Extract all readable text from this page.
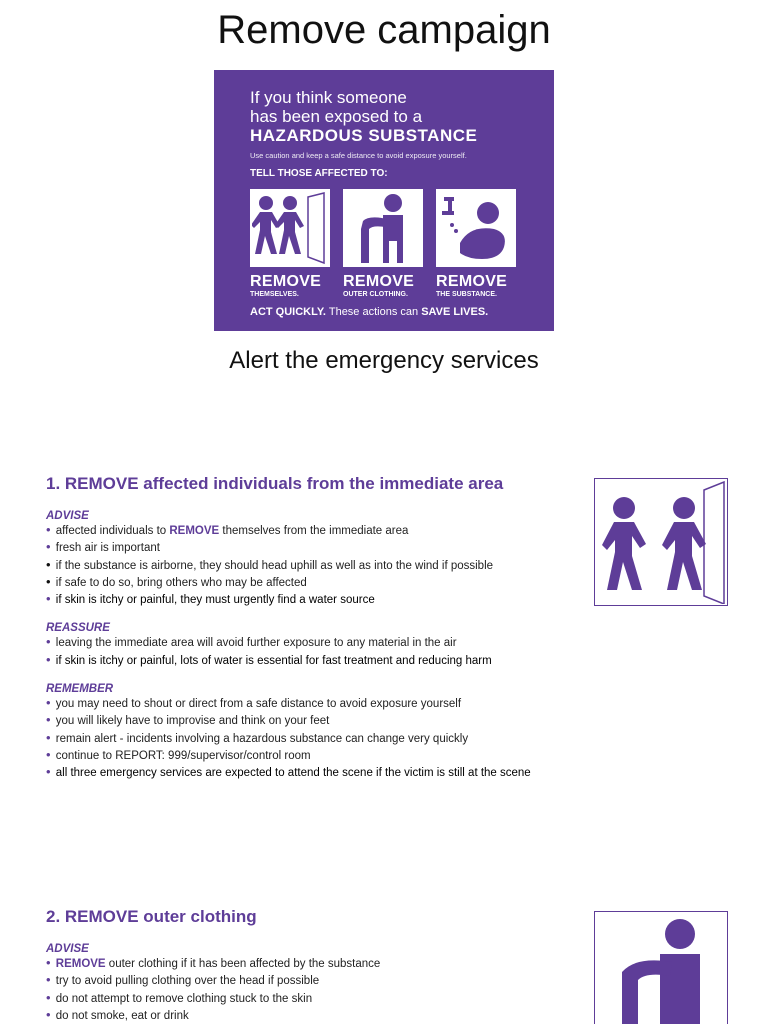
Remove campaign
If you think someone
has been exposed to a
HAZARDOUS SUBSTANCE
Use caution and keep a safe distance to avoid exposure yourself.
TELL THOSE AFFECTED TO:
REMOVE
THEMSELVES.
REMOVE
OUTER CLOTHING.
REMOVE
THE SUBSTANCE.
ACT QUICKLY. These actions can SAVE LIVES.
Alert the emergency services
1. REMOVE affected individuals from the immediate area
ADVISE
• affected individuals to REMOVE themselves from the immediate area
• fresh air is important
• if the substance is airborne, they should head uphill as well as into the wind if possible
• if safe to do so, bring others who may be affected
• if skin is itchy or painful, they must urgently find a water source
REASSURE
• leaving the immediate area will avoid further exposure to any material in the air
• if skin is itchy or painful, lots of water is essential for fast treatment and reducing harm
REMEMBER
• you may need to shout or direct from a safe distance to avoid exposure yourself
• you will likely have to improvise and think on your feet
• remain alert - incidents involving a hazardous substance can change very quickly
• continue to REPORT: 999/supervisor/control room
• all three emergency services are expected to attend the scene if the victim is still at the scene
2. REMOVE outer clothing
ADVISE
• REMOVE outer clothing if it has been affected by the substance
• try to avoid pulling clothing over the head if possible
• do not attempt to remove clothing stuck to the skin
• do not smoke, eat or drink
